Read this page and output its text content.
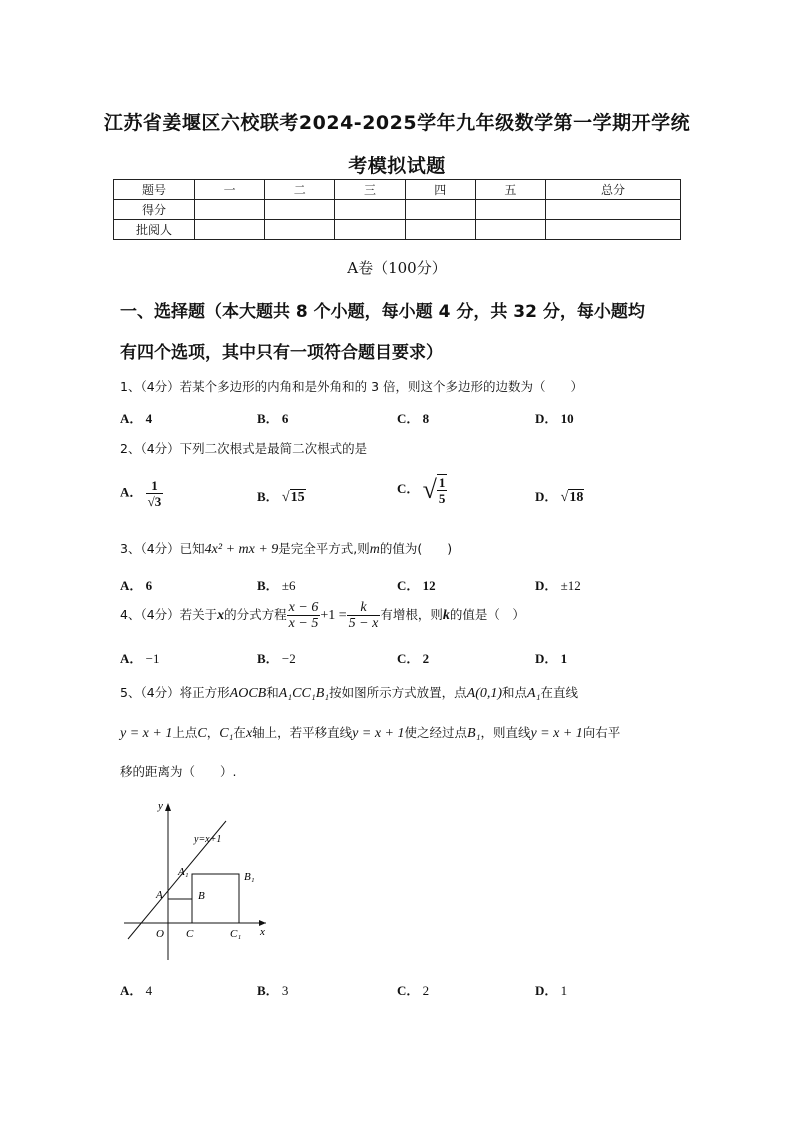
江苏省姜堰区六校联考2024-2025学年九年级数学第一学期开学统
考模拟试题
题号	一	二	三	四	五	总分
得分						
批阅人						
A卷（100分）
一、选择题（本大题共 8 个小题，每小题 4 分，共 32 分，每小题均
有四个选项，其中只有一项符合题目要求）
1、（4分）若某个多边形的内角和是外角和的 3 倍，则这个多边形的边数为（　　）
A． 4	B． 6	C． 8	D． 10
2、（4分）下列二次根式是最简二次根式的是
A． $\frac{1}{√3}$	B． √15
C． √ $\frac{1}{5}$	D． √18
3、（4分）已知4x² + mx + 9是完全平方式,则m的值为(　　)
A． 6	B． ±6	C． 12	D． ±12
4、（4分）若关于x的分式方程 $\frac{x - 6}{x - 5} +1 = \frac{k}{5 - x}$ 有增根，则k的值是（　）
A． −1	B． −2	C． 2	D． 1
5、（4分）将正方形AOCB和A₁CC₁B₁按如图所示方式放置，点A(0,1)和点A₁在直线
y = x + 1上点C，C₁在x轴上，若平移直线y = x + 1使之经过点B₁，则直线y = x + 1向右平
移的距离为（　　）.
y
x
O
A
A₁
B
B₁
C	C₁
y=x+1
A． 4	B． 3	C． 2	D． 1
